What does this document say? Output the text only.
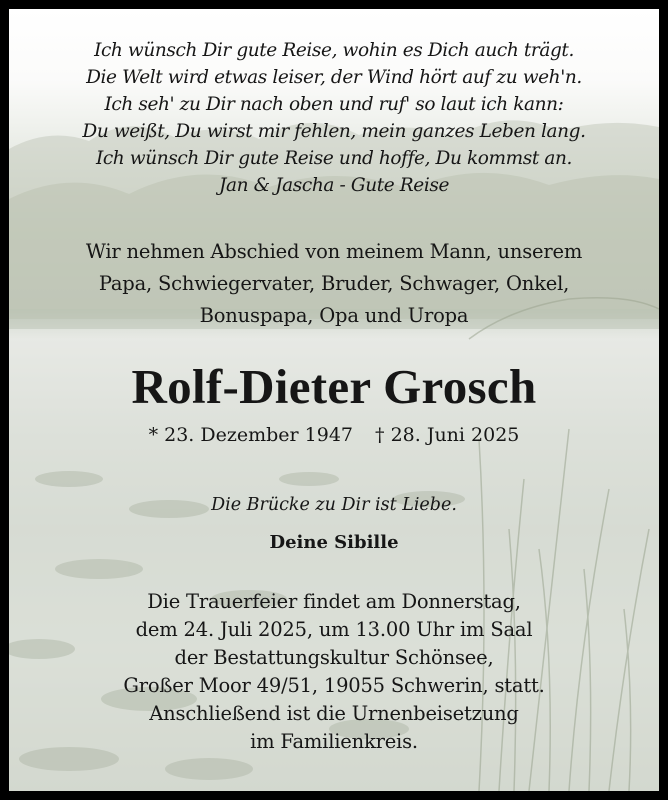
Ich wünsch Dir gute Reise, wohin es Dich auch trägt.
Die Welt wird etwas leiser, der Wind hört auf zu weh'n.
Ich seh' zu Dir nach oben und ruf' so laut ich kann:
Du weißt, Du wirst mir fehlen, mein ganzes Leben lang.
Ich wünsch Dir gute Reise und hoffe, Du kommst an.
Jan & Jascha - Gute Reise
Wir nehmen Abschied von meinem Mann, unserem
Papa, Schwiegervater, Bruder, Schwager, Onkel,
Bonuspapa, Opa und Uropa
Rolf-Dieter Grosch
* 23. Dezember 1947 † 28. Juni 2025
Die Brücke zu Dir ist Liebe.
Deine Sibille
Die Trauerfeier findet am Donnerstag,
dem 24. Juli 2025, um 13.00 Uhr im Saal
der Bestattungskultur Schönsee,
Großer Moor 49/51, 19055 Schwerin, statt.
Anschließend ist die Urnenbeisetzung
im Familienkreis.
